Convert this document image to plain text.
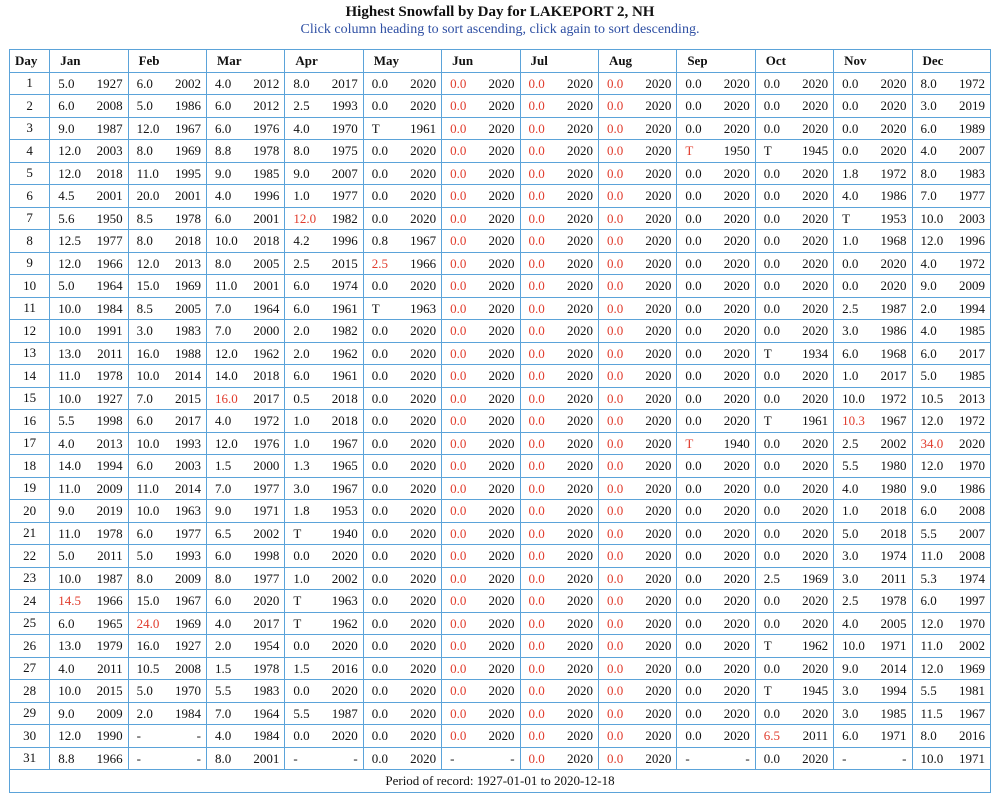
Highest Snowfall by Day for LAKEPORT 2, NH
Click column heading to sort ascending, click again to sort descending.
Day	Jan	Feb	Mar	Apr	May	Jun	Jul	Aug	Sep	Oct	Nov	Dec
1	5.0 1927	6.0 2002	4.0 2012	8.0 2017	0.0 2020	0.0 2020	0.0 2020	0.0 2020	0.0 2020	0.0 2020	0.0 2020	8.0 1972

2	6.0 2008	5.0 1986	6.0 2012	2.5 1993	0.0 2020	0.0 2020	0.0 2020	0.0 2020	0.0 2020	0.0 2020	0.0 2020	3.0 2019

3	9.0 1987	12.0 1967	6.0 1976	4.0 1970	T 1961	0.0 2020	0.0 2020	0.0 2020	0.0 2020	0.0 2020	0.0 2020	6.0 1989

4	12.0 2003	8.0 1969	8.8 1978	8.0 1975	0.0 2020	0.0 2020	0.0 2020	0.0 2020	T 1950	T 1945	0.0 2020	4.0 2007

5	12.0 2018	11.0 1995	9.0 1985	9.0 2007	0.0 2020	0.0 2020	0.0 2020	0.0 2020	0.0 2020	0.0 2020	1.8 1972	8.0 1983

6	4.5 2001	20.0 2001	4.0 1996	1.0 1977	0.0 2020	0.0 2020	0.0 2020	0.0 2020	0.0 2020	0.0 2020	4.0 1986	7.0 1977

7	5.6 1950	8.5 1978	6.0 2001	12.0 1982	0.0 2020	0.0 2020	0.0 2020	0.0 2020	0.0 2020	0.0 2020	T 1953	10.0 2003

8	12.5 1977	8.0 2018	10.0 2018	4.2 1996	0.8 1967	0.0 2020	0.0 2020	0.0 2020	0.0 2020	0.0 2020	1.0 1968	12.0 1996

9	12.0 1966	12.0 2013	8.0 2005	2.5 2015	2.5 1966	0.0 2020	0.0 2020	0.0 2020	0.0 2020	0.0 2020	0.0 2020	4.0 1972

10	5.0 1964	15.0 1969	11.0 2001	6.0 1974	0.0 2020	0.0 2020	0.0 2020	0.0 2020	0.0 2020	0.0 2020	0.0 2020	9.0 2009

11	10.0 1984	8.5 2005	7.0 1964	6.0 1961	T 1963	0.0 2020	0.0 2020	0.0 2020	0.0 2020	0.0 2020	2.5 1987	2.0 1994

12	10.0 1991	3.0 1983	7.0 2000	2.0 1982	0.0 2020	0.0 2020	0.0 2020	0.0 2020	0.0 2020	0.0 2020	3.0 1986	4.0 1985

13	13.0 2011	16.0 1988	12.0 1962	2.0 1962	0.0 2020	0.0 2020	0.0 2020	0.0 2020	0.0 2020	T 1934	6.0 1968	6.0 2017

14	11.0 1978	10.0 2014	14.0 2018	6.0 1961	0.0 2020	0.0 2020	0.0 2020	0.0 2020	0.0 2020	0.0 2020	1.0 2017	5.0 1985

15	10.0 1927	7.0 2015	16.0 2017	0.5 2018	0.0 2020	0.0 2020	0.0 2020	0.0 2020	0.0 2020	0.0 2020	10.0 1972	10.5 2013

16	5.5 1998	6.0 2017	4.0 1972	1.0 2018	0.0 2020	0.0 2020	0.0 2020	0.0 2020	0.0 2020	T 1961	10.3 1967	12.0 1972

17	4.0 2013	10.0 1993	12.0 1976	1.0 1967	0.0 2020	0.0 2020	0.0 2020	0.0 2020	T 1940	0.0 2020	2.5 2002	34.0 2020

18	14.0 1994	6.0 2003	1.5 2000	1.3 1965	0.0 2020	0.0 2020	0.0 2020	0.0 2020	0.0 2020	0.0 2020	5.5 1980	12.0 1970

19	11.0 2009	11.0 2014	7.0 1977	3.0 1967	0.0 2020	0.0 2020	0.0 2020	0.0 2020	0.0 2020	0.0 2020	4.0 1980	9.0 1986

20	9.0 2019	10.0 1963	9.0 1971	1.8 1953	0.0 2020	0.0 2020	0.0 2020	0.0 2020	0.0 2020	0.0 2020	1.0 2018	6.0 2008

21	11.0 1978	6.0 1977	6.5 2002	T 1940	0.0 2020	0.0 2020	0.0 2020	0.0 2020	0.0 2020	0.0 2020	5.0 2018	5.5 2007

22	5.0 2011	5.0 1993	6.0 1998	0.0 2020	0.0 2020	0.0 2020	0.0 2020	0.0 2020	0.0 2020	0.0 2020	3.0 1974	11.0 2008

23	10.0 1987	8.0 2009	8.0 1977	1.0 2002	0.0 2020	0.0 2020	0.0 2020	0.0 2020	0.0 2020	2.5 1969	3.0 2011	5.3 1974

24	14.5 1966	15.0 1967	6.0 2020	T 1963	0.0 2020	0.0 2020	0.0 2020	0.0 2020	0.0 2020	0.0 2020	2.5 1978	6.0 1997

25	6.0 1965	24.0 1969	4.0 2017	T 1962	0.0 2020	0.0 2020	0.0 2020	0.0 2020	0.0 2020	0.0 2020	4.0 2005	12.0 1970

26	13.0 1979	16.0 1927	2.0 1954	0.0 2020	0.0 2020	0.0 2020	0.0 2020	0.0 2020	0.0 2020	T 1962	10.0 1971	11.0 2002

27	4.0 2011	10.5 2008	1.5 1978	1.5 2016	0.0 2020	0.0 2020	0.0 2020	0.0 2020	0.0 2020	0.0 2020	9.0 2014	12.0 1969

28	10.0 2015	5.0 1970	5.5 1983	0.0 2020	0.0 2020	0.0 2020	0.0 2020	0.0 2020	0.0 2020	T 1945	3.0 1994	5.5 1981

29	9.0 2009	2.0 1984	7.0 1964	5.5 1987	0.0 2020	0.0 2020	0.0 2020	0.0 2020	0.0 2020	0.0 2020	3.0 1985	11.5 1967

30	12.0 1990	- -	4.0 1984	0.0 2020	0.0 2020	0.0 2020	0.0 2020	0.0 2020	0.0 2020	6.5 2011	6.0 1971	8.0 2016

31	8.8 1966	- -	8.0 2001	- -	0.0 2020	- -	0.0 2020	0.0 2020	- -	0.0 2020	- -	10.0 1971

Period of record: 1927-01-01 to 2020-12-18												
